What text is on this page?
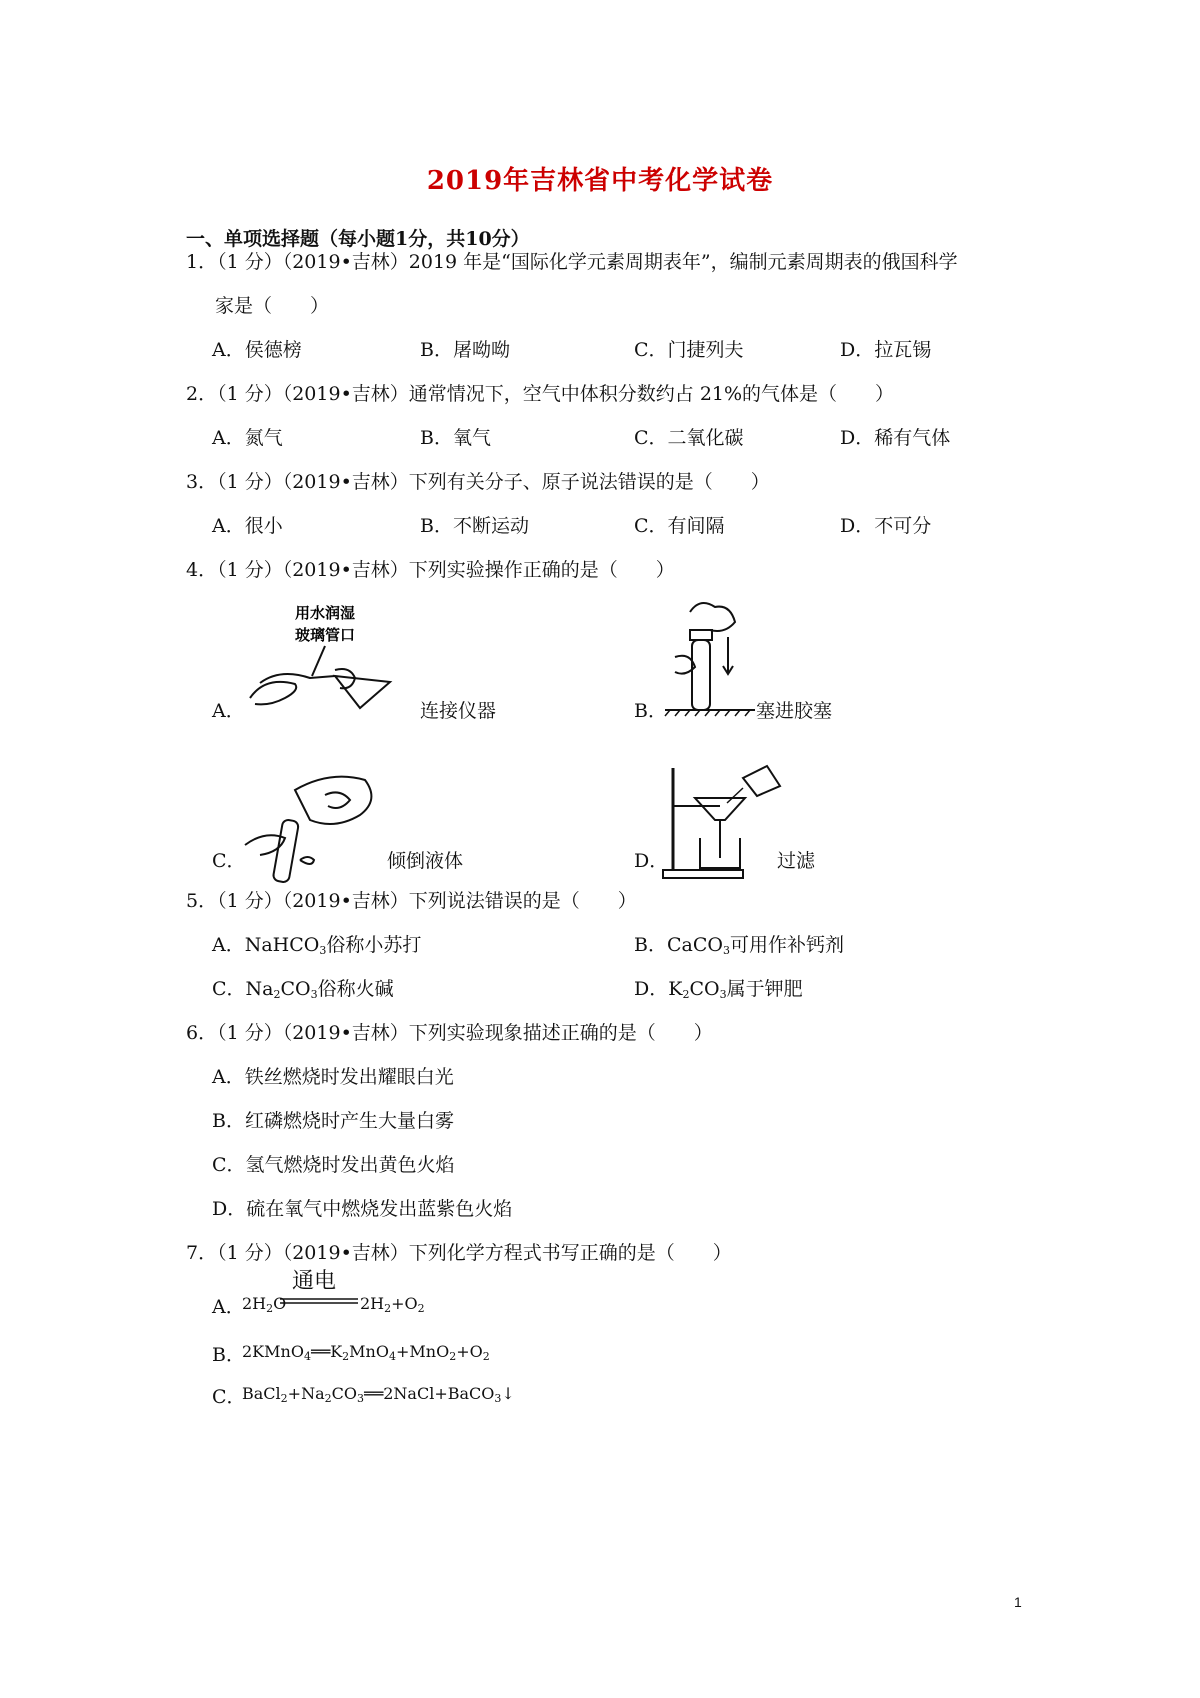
2019年吉林省中考化学试卷
一、单项选择题（每小题1分，共10分）
1．（1 分）（2019•吉林）2019 年是“国际化学元素周期表年”，编制元素周期表的俄国科学
家是（　　）
A．侯德榜	B．屠呦呦	C．门捷列夫	D．拉瓦锡
2．（1 分）（2019•吉林）通常情况下，空气中体积分数约占 21%的气体是（　　）
A．氮气	B．氧气	C．二氧化碳	D．稀有气体
3．（1 分）（2019•吉林）下列有关分子、原子说法错误的是（　　）
A．很小	B．不断运动	C．有间隔	D．不可分
4．（1 分）（2019•吉林）下列实验操作正确的是（　　）
用水润湿
玻璃管口
A．	连接仪器	B．	塞进胶塞
C．	倾倒液体	D．	过滤
5．（1 分）（2019•吉林）下列说法错误的是（　　）
A．NaHCO$_3$俗称小苏打	B．CaCO$_3$可用作补钙剂
C．$Na_2CO_3$俗称火碱	D．$K_2CO_3$属于钾肥
6．（1 分）（2019•吉林）下列实验现象描述正确的是（　　）
A．铁丝燃烧时发出耀眼白光
B．红磷燃烧时产生大量白雾
C．氢气燃烧时发出黄色火焰
D．硫在氧气中燃烧发出蓝紫色火焰
7．（1 分）（2019•吉林）下列化学方程式书写正确的是（　　）
A．
$2H_2O$
通电
$2H_2+O_2$
B．
$2KMnO_4══K_2MnO_4+MnO_2+O_2$
C．
$BaCl_2+Na_2CO_3══2NaCl+BaCO_3↓$
1
